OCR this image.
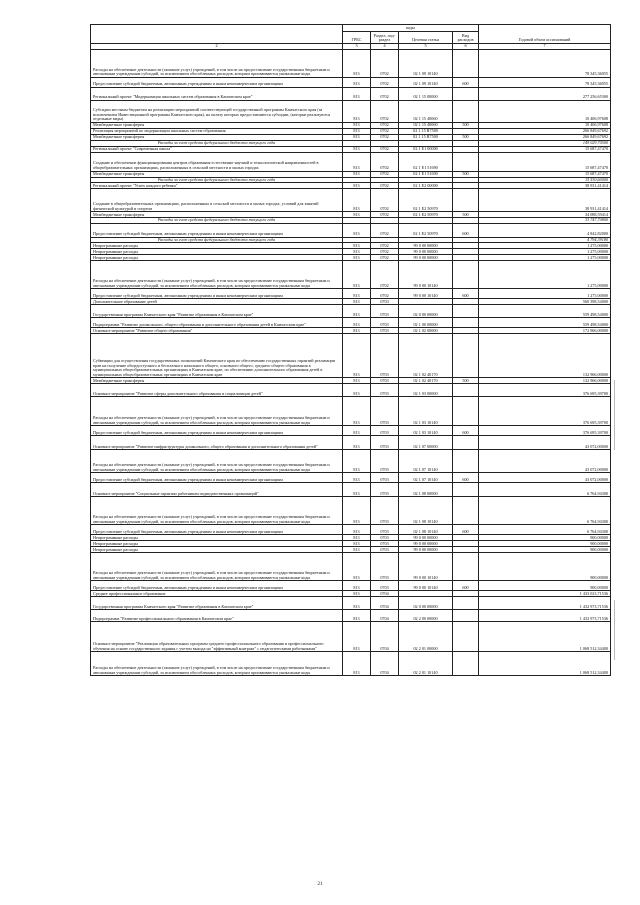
		коды				Годовой объем ассигнований
	ГРБС	Раздел, под-раздел	Целевая статья	Вид расходов	
	2	3	4	5	6	7
	Расходы на обеспечение деятельности (оказание услуг) учреждений, в том числе на предоставление государственным бюджетным и автономным учреждениям субсидий, за исключением обособленных расходов, которым присваиваются уникальные коды	813	0702	02 1 09 10140		78 345,36055
	Предоставление субсидий бюджетным, автономным учреждениям и иным некоммерческим организациям	813	0702	02 1 09 10140	600	78 345,36055
	Региональный проект "Модернизация школьных систем образования в Камчатском крае"	813	0702	02 1 15 00000		277 256,65300
	Субсидии местным бюджетам на реализацию мероприятий соответствующей государственной программы Камчатского края (за исключением Инвестиционной программы Камчатского края), на оплату которых предоставляются субсидии, (которые реализуются отдельные виды)	813	0702	02 1 15 40060		10 406,97608
	Межбюджетные трансферты	813	0702	02 1 15 40060	500	10 406,97608
	Реализация мероприятий по модернизации школьных систем образования	813	0702	02 1 15 R7500		266 849,67692
	Межбюджетные трансферты	813	0702	02 1 15 R7500	500	266 849,67692
	Расходы за счет средств федерального бюджета текущего года					149 029,70500
	Региональный проект "Современная школа"	813	0702	02 1 E1 00000		15 687,47470
	Создание и обеспечение функционирования центров образования естественно-научной и технологической направленностей в общеобразовательных организациях, расположенных в сельской местности и малых городах	813	0702	02 1 E1 51690		15 687,47470
	Межбюджетные трансферты	813	0702	02 1 E1 51690	500	15 687,47470
	Расходы за счет средств федерального бюджета текущего года					15 530,60000
	Региональный проект "Успех каждого ребенка"	813	0702	02 1 E2 00000		38 931,41414
	Создание в общеобразовательных организациях, расположенных в сельской местности и малых городах, условий для занятий физической культурой и спортом	813	0702	02 1 E2 50970		38 931,41414
	Межбюджетные трансферты	813	0702	02 1 E2 50970	500	34 088,59414
	Расходы за счет средств федерального бюджета текущего года					33 747,70800
	Предоставление субсидий бюджетным, автономным учреждениям и иным некоммерческим организациям	813	0702	02 1 E2 50970	600	4 842,82000
	Расходы за счет средств федерального бюджета текущего года					4 794,39180
	Непрограммные расходы	813	0702	99 0 00 00000		1 275,00000
	Непрограммные расходы	813	0702	99 0 00 00000		1 275,00000
	Непрограммные расходы	813	0702	99 0 00 00000		1 275,00000
	Расходы на обеспечение деятельности (оказание услуг) учреждений, в том числе на предоставление государственным бюджетным и автономным учреждениям субсидий, за исключением обособленных расходов, которым присваиваются уникальные коды	813	0702	99 0 00 10140		1 275,00000
	Предоставление субсидий бюджетным, автономным учреждениям и иным некоммерческим организациям	813	0702	99 0 00 10140	600	1 275,00000
	Дополнительное образование детей	813	0703			560 398,54000
	Государственная программа Камчатского края "Развитие образования в Камчатском крае"	813	0703	02 0 00 00000		559 498,54000
	Подпрограмма "Развитие дошкольного, общего образования и дополнительного образования детей в Камчатском крае"	813	0703	02 1 00 00000		559 498,54000
	Основное мероприятие "Развитие общего образования"	813	0703	02 1 02 00000		172 966,00000
	Субвенции для осуществления государственных полномочий Камчатского края по обеспечению государственных гарантий реализации прав на получение общедоступного и бесплатного начального общего, основного общего, среднего общего образования в муниципальных общеобразовательных организациях в Камчатском крае, по обеспечению дополнительного образования детей в муниципальных общеобразовательных организациях в Камчатском крае	813	0703	02 1 02 40170		132 966,00000
	Межбюджетные трансферты	813	0703	02 1 02 40170	500	132 966,00000
	Основное мероприятие "Развитие сферы дополнительного образования и социализации детей"	813	0703	02 1 03 00000		376 695,39700
	Расходы на обеспечение деятельности (оказание услуг) учреждений, в том числе на предоставление государственным бюджетным и автономным учреждениям субсидий, за исключением обособленных расходов, которым присваиваются уникальные коды	813	0703	02 1 03 10140		376 695,39700
	Предоставление субсидий бюджетным, автономным учреждениям и иным некоммерческим организациям	813	0703	02 1 03 10140	600	376 695,39700
	Основное мероприятие "Развитие инфраструктуры дошкольного, общего образования и дополнительного образования детей"	813	0703	02 1 07 00000		43 072,00000
	Расходы на обеспечение деятельности (оказание услуг) учреждений, в том числе на предоставление государственным бюджетным и автономным учреждениям субсидий, за исключением обособленных расходов, которым присваиваются уникальные коды	813	0703	02 1 07 10140		43 072,00000
	Предоставление субсидий бюджетным, автономным учреждениям и иным некоммерческим организациям	813	0703	02 1 07 10140	600	43 072,00000
	Основное мероприятие "Социальные гарантии работникам подведомственных организаций"	813	0703	02 1 08 00000		6 764,94300
	Расходы на обеспечение деятельности (оказание услуг) учреждений, в том числе на предоставление государственным бюджетным и автономным учреждениям субсидий, за исключением обособленных расходов, которым присваиваются уникальные коды	813	0703	02 1 08 10140		6 764,94300
	Предоставление субсидий бюджетным, автономным учреждениям и иным некоммерческим организациям	813	0703	02 1 08 10140	600	6 764,94300
	Непрограммные расходы	813	0703	99 0 00 00000		900,00000
	Непрограммные расходы	813	0703	99 0 00 00000		900,00000
	Непрограммные расходы	813	0703	99 0 00 00000		900,00000
	Расходы на обеспечение деятельности (оказание услуг) учреждений, в том числе на предоставление государственным бюджетным и автономным учреждениям субсидий, за исключением обособленных расходов, которым присваиваются уникальные коды	813	0703	99 0 00 10140		900,00000
	Предоставление субсидий бюджетным, автономным учреждениям и иным некоммерческим организациям	813	0703	99 0 00 10140	600	900,00000
	Среднее профессиональное образование	813	0704			1 433 023,71536
	Государственная программа Камчатского края "Развитие образования в Камчатском крае"	813	0704	02 0 00 00000		1 432 973,71536
	Подпрограмма "Развитие профессионального образования в Камчатском крае"	813	0704	02 2 00 00000		1 432 973,71536
	Основное мероприятие "Реализация образовательных программ среднего профессионального образования и профессионального обучения на основе государственного задания с учетом выхода на "эффективный контракт" с педагогическими работниками"	813	0704	02 2 01 00000		1 068 512,34400
	Расходы на обеспечение деятельности (оказание услуг) учреждений, в том числе на предоставление государственным бюджетным и автономным учреждениям субсидий, за исключением обособленных расходов, которым присваиваются уникальные коды	813	0704	02 2 01 10140		1 068 512,34400
21
